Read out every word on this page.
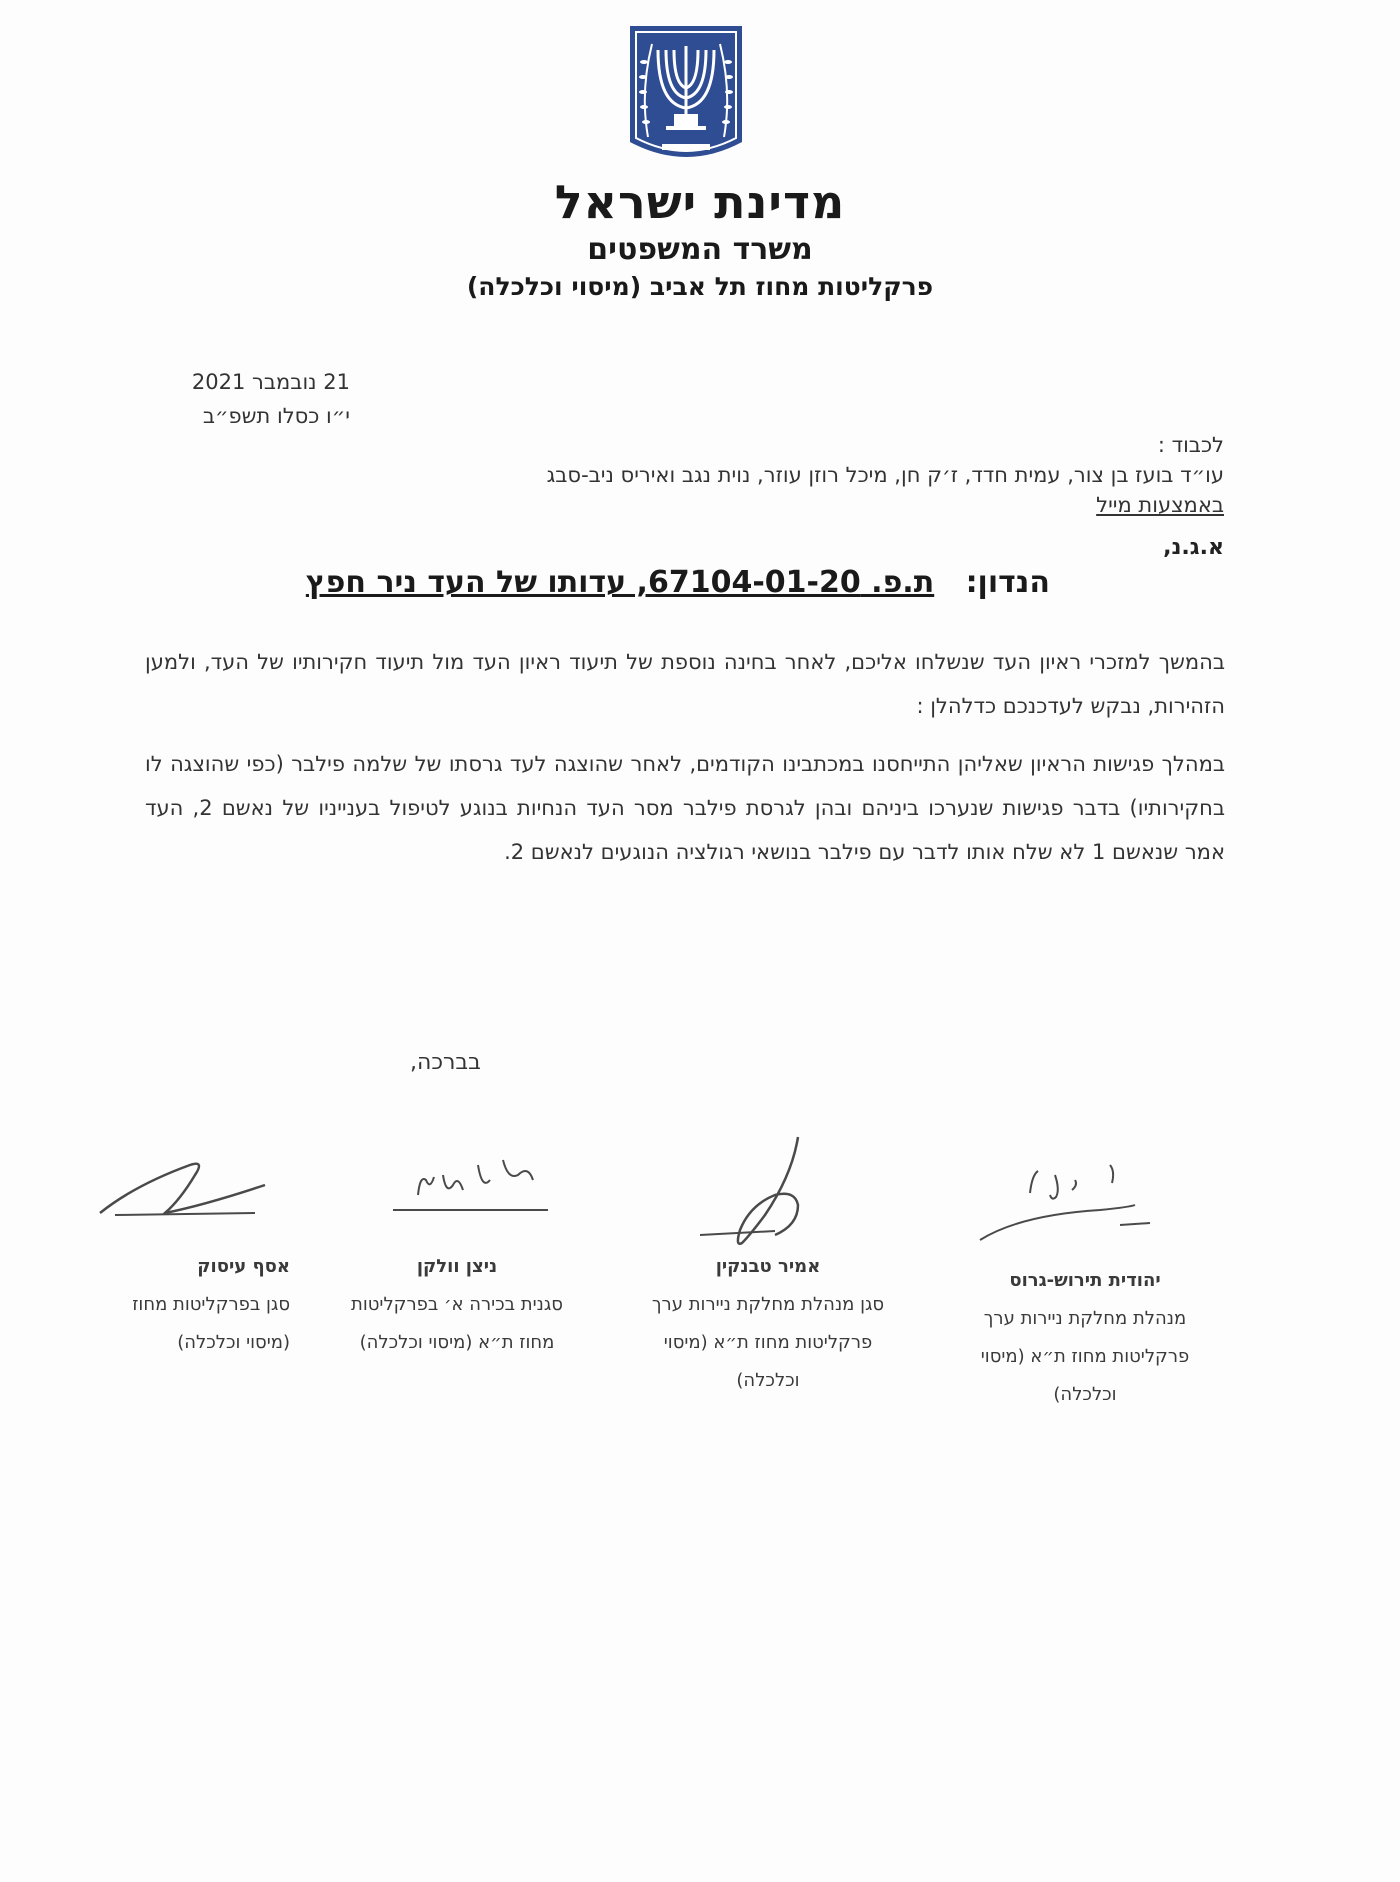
מדינת ישראל
משרד המשפטים
פרקליטות מחוז תל אביב (מיסוי וכלכלה)
21 נובמבר 2021
י״ו כסלו תשפ״ב
לכבוד :
עו״ד בועז בן צור, עמית חדד, ז׳ק חן, מיכל רוזן עוזר, נוית נגב ואיריס ניב-סבג
באמצעות מייל
א.ג.נ,
הנדון:   ת.פ. 67104-01-20, עדותו של העד ניר חפץ
בהמשך למזכרי ראיון העד שנשלחו אליכם, לאחר בחינה נוספת של תיעוד ראיון העד מול תיעוד חקירותיו של העד, ולמען הזהירות, נבקש לעדכנכם כדלהלן :
במהלך פגישות הראיון שאליהן התייחסנו במכתבינו הקודמים, לאחר שהוצגה לעד גרסתו של שלמה פילבר (כפי שהוצגה לו בחקירותיו) בדבר פגישות שנערכו ביניהם ובהן לגרסת פילבר מסר העד הנחיות בנוגע לטיפול בענייניו של נאשם 2, העד אמר שנאשם 1 לא שלח אותו לדבר עם פילבר בנושאי רגולציה הנוגעים לנאשם 2.
בברכה,
יהודית תירוש-גרוס
מנהלת מחלקת ניירות ערך
פרקליטות מחוז ת״א (מיסוי
וכלכלה)
אמיר טבנקין
סגן מנהלת מחלקת ניירות ערך
פרקליטות מחוז ת״א (מיסוי
וכלכלה)
ניצן וולקן
סגנית בכירה א׳ בפרקליטות
מחוז ת״א (מיסוי וכלכלה)
אסף עיסוק
סגן בפרקליטות מחוז
(מיסוי וכלכלה)
